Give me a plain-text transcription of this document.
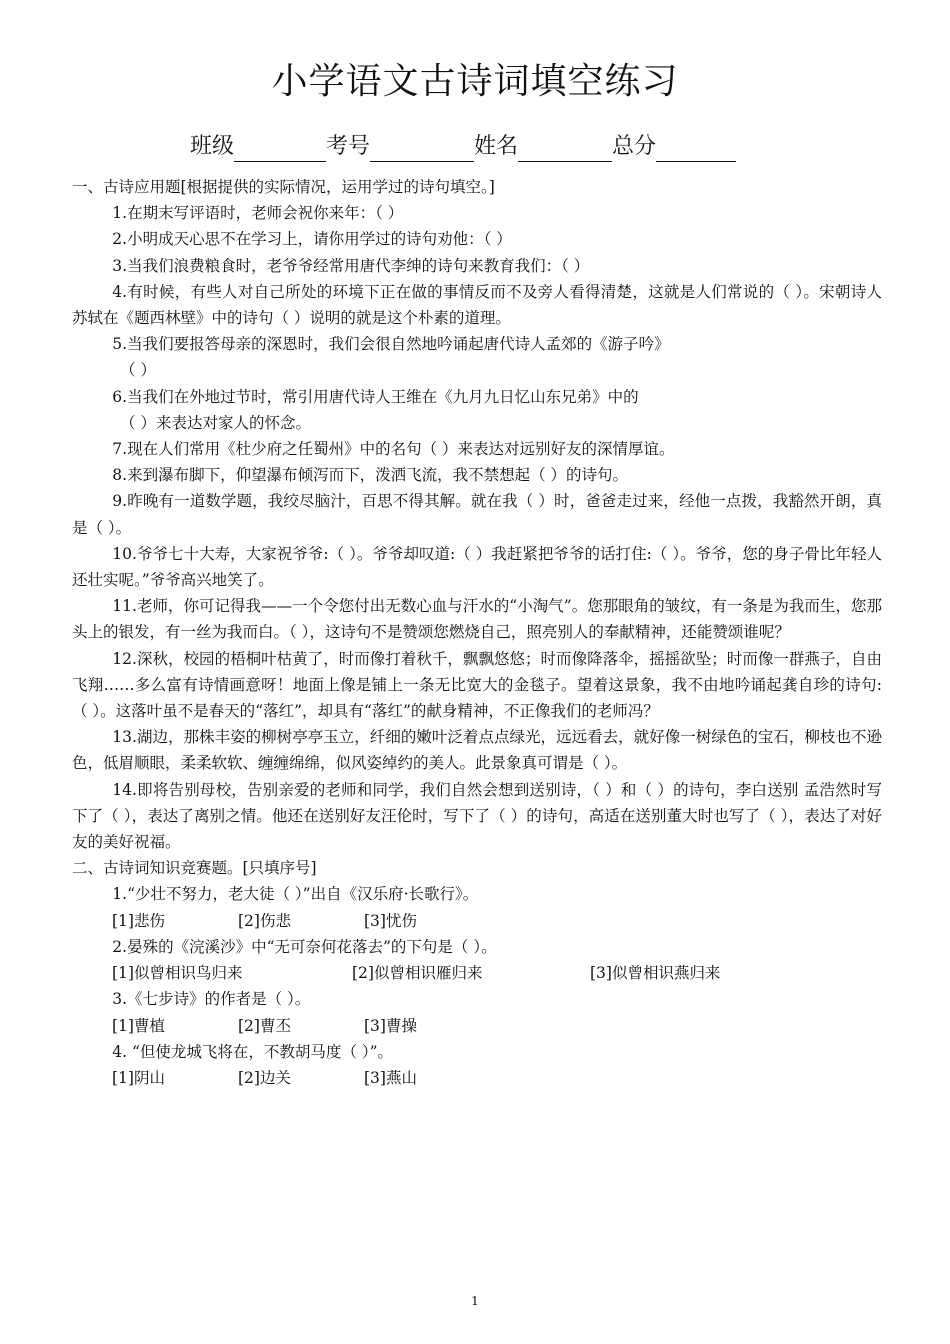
小学语文古诗词填空练习
班级	考号	姓名	总分

一、古诗应用题[根据提供的实际情况，运用学过的诗句填空。]

1.在期末写评语时，老师会祝你来年：（ ）

2.小明成天心思不在学习上，请你用学过的诗句劝他：（ ）

3.当我们浪费粮食时，老爷爷经常用唐代李绅的诗句来教育我们：（ ）

4.有时候，有些人对自己所处的环境下正在做的事情反而不及旁人看得清楚，这就是人们常说的（ ）。宋朝诗人苏轼在《题西林壁》中的诗句（ ）说明的就是这个朴素的道理。

5.当我们要报答母亲的深恩时，我们会很自然地吟诵起唐代诗人孟郊的《游子吟》

（ ）

6.当我们在外地过节时，常引用唐代诗人王维在《九月九日忆山东兄弟》中的

（ ）来表达对家人的怀念。

7.现在人们常用《杜少府之任蜀州》中的名句（ ）来表达对远别好友的深情厚谊。

8.来到瀑布脚下，仰望瀑布倾泻而下，泼洒飞流，我不禁想起（ ）的诗句。

9.昨晚有一道数学题，我绞尽脑汁，百思不得其解。就在我（ ）时，爸爸走过来，经他一点拨，我豁然开朗，真是（ ）。

10.爷爷七十大寿，大家祝爷爷:（ ）。爷爷却叹道:（ ）我赶紧把爷爷的话打住:（ ）。爷爷，您的身子骨比年轻人还壮实呢。”爷爷高兴地笑了。

11.老师，你可记得我——一个令您付出无数心血与汗水的“小淘气”。您那眼角的皱纹，有一条是为我而生，您那头上的银发，有一丝为我而白。（ ），这诗句不是赞颂您燃烧自己，照亮别人的奉献精神，还能赞颂谁呢？

12.深秋，校园的梧桐叶枯黄了，时而像打着秋千，飘飘悠悠；时而像降落伞，摇摇欲坠；时而像一群燕子，自由飞翔……多么富有诗情画意呀！地面上像是铺上一条无比宽大的金毯子。望着这景象，我不由地吟诵起龚自珍的诗句:（ ）。这落叶虽不是春天的“落红”，却具有“落红”的献身精神，不正像我们的老师冯？

13.湖边，那株丰姿的柳树亭亭玉立，纤细的嫩叶泛着点点绿光，远远看去，就好像一树绿色的宝石，柳枝也不逊色，低眉顺眼，柔柔软软、缠缠绵绵，似风姿绰约的美人。此景象真可谓是（ ）。

14.即将告别母校，告别亲爱的老师和同学，我们自然会想到送别诗，（ ）和（ ）的诗句，李白送别 孟浩然时写下了（ ），表达了离别之情。他还在送别好友汪伦时，写下了（ ）的诗句，高适在送别董大时也写了（ ），表达了对好友的美好祝福。

二、古诗词知识竞赛题。[只填序号]

1.“少壮不努力，老大徒（ ）”出自《汉乐府·长歌行》。

[1]悲伤	[2]伤悲	[3]忧伤

2.晏殊的《浣溪沙》中“无可奈何花落去”的下句是（ ）。

[1]似曾相识鸟归来	[2]似曾相识雁归来	[3]似曾相识燕归来

3.《七步诗》的作者是（ ）。

[1]曹植	[2]曹丕	[3]曹操

4. “但使龙城飞将在，不教胡马度（ ）”。

[1]阴山	[2]边关	[3]燕山

1
